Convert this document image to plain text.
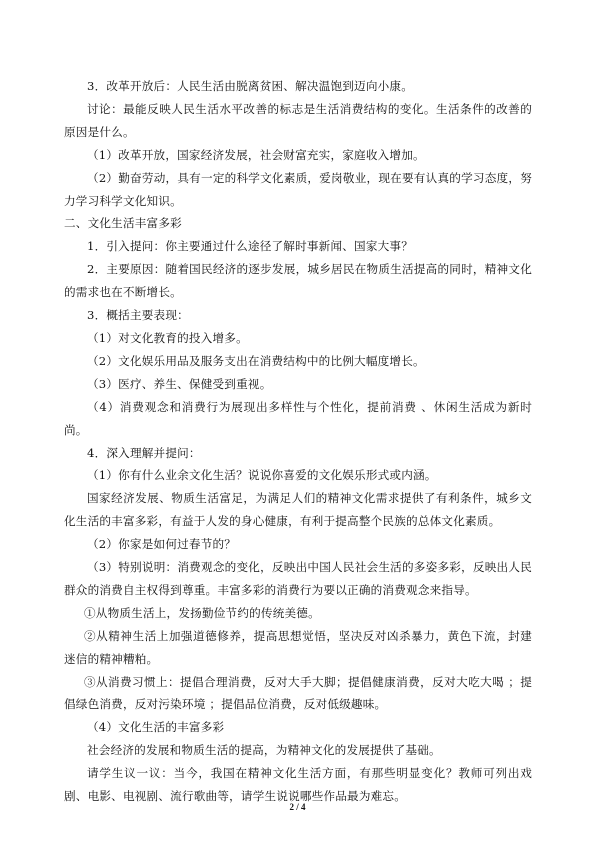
3．改革开放后：人民生活由脱离贫困、解决温饱到迈向小康。

讨论：最能反映人民生活水平改善的标志是生活消费结构的变化。生活条件的改善的原因是什么。

（1）改革开放，国家经济发展，社会财富充实，家庭收入增加。

（2）勤奋劳动，具有一定的科学文化素质，爱岗敬业，现在要有认真的学习态度，努力学习科学文化知识。

二、文化生活丰富多彩

1．引入提问：你主要通过什么途径了解时事新闻、国家大事？

2．主要原因：随着国民经济的逐步发展，城乡居民在物质生活提高的同时，精神文化的需求也在不断增长。

3．概括主要表现：

（1）对文化教育的投入增多。

（2）文化娱乐用品及服务支出在消费结构中的比例大幅度增长。

（3）医疗、养生、保健受到重视。

（4）消费观念和消费行为展现出多样性与个性化，提前消费 、休闲生活成为新时尚。

4．深入理解并提问：

（1）你有什么业余文化生活？说说你喜爱的文化娱乐形式或内涵。

国家经济发展、物质生活富足，为满足人们的精神文化需求提供了有利条件，城乡文化生活的丰富多彩，有益于人发的身心健康，有利于提高整个民族的总体文化素质。

（2）你家是如何过春节的？

（3）特别说明：消费观念的变化，反映出中国人民社会生活的多姿多彩，反映出人民群众的消费自主权得到尊重。丰富多彩的消费行为要以正确的消费观念来指导。

①从物质生活上，发扬勤俭节约的传统美德。

②从精神生活上加强道德修养，提高思想觉悟，坚决反对凶杀暴力，黄色下流，封建迷信的精神糟粕。

③从消费习惯上：提倡合理消费，反对大手大脚；提倡健康消费，反对大吃大喝 ；提倡绿色消费，反对污染环境 ；提倡品位消费，反对低级趣味。

（4）文化生活的丰富多彩

社会经济的发展和物质生活的提高，为精神文化的发展提供了基础。

请学生议一议：当今，我国在精神文化生活方面，有那些明显变化？教师可列出戏剧、电影、电视剧、流行歌曲等，请学生说说哪些作品最为难忘。

2 / 4
